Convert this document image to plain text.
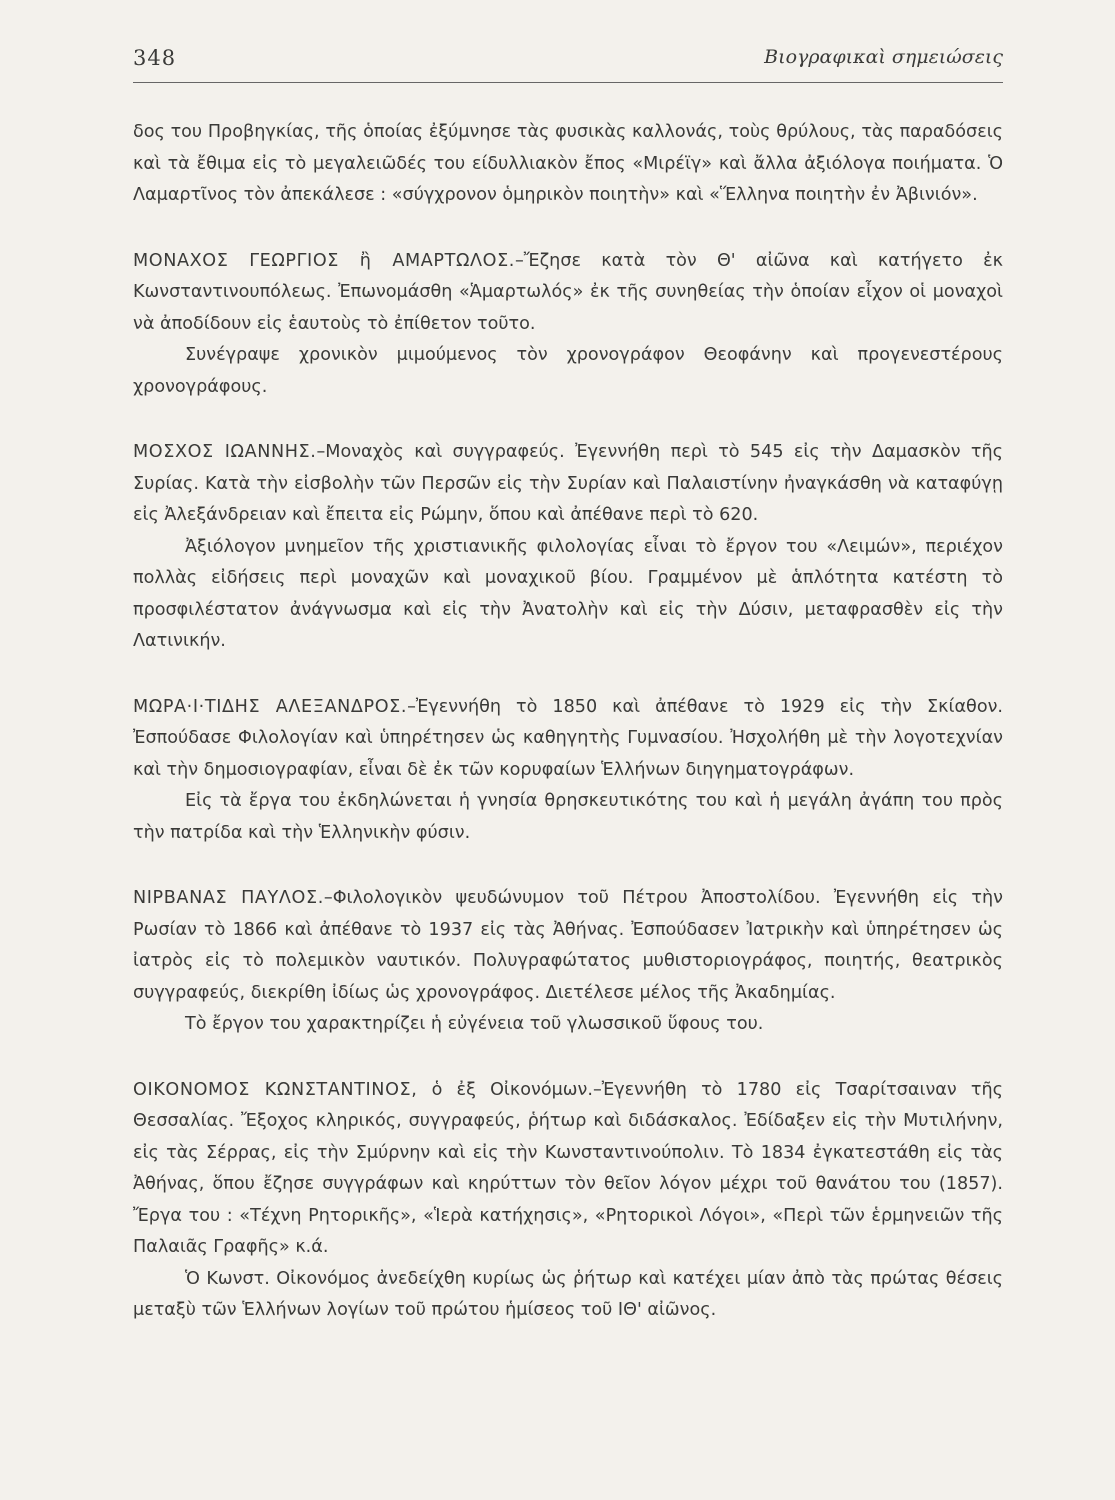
348	Βιογραφικαὶ σημειώσεις

δος του Προβηγκίας, τῆς ὁποίας ἐξύμνησε τὰς φυσικὰς καλλονάς, τοὺς θρύλους, τὰς παραδόσεις καὶ τὰ ἔθιμα εἰς τὸ μεγαλειῶδές του είδυλλιακὸν ἔπος «Μιρέϊγ» καὶ ἄλλα ἀξιόλογα ποιήματα. Ὁ Λαμαρτῖνος τὸν ἀπεκάλεσε : «σύγχρονον ὁμηρικὸν ποιητὴν» καὶ «Ἕλληνα ποιητὴν ἐν Ἀβινιόν».

ΜΟΝΑΧΟΣ ΓΕΩΡΓΙΟΣ ἢ ΑΜΑΡΤΩΛΟΣ.–Ἔζησε κατὰ τὸν Θ' αἰῶνα καὶ κατήγετο ἐκ Κωνσταντινουπόλεως. Ἐπωνομάσθη «Ἁμαρτωλός» ἐκ τῆς συνηθείας τὴν ὁποίαν εἶχον οἱ μοναχοὶ νὰ ἀποδίδουν εἰς ἑαυτοὺς τὸ ἐπίθετον τοῦτο.

Συνέγραψε χρονικὸν μιμούμενος τὸν χρονογράφον Θεοφάνην καὶ προγενεστέρους χρονογράφους.

ΜΟΣΧΟΣ ΙΩΑΝΝΗΣ.–Μοναχὸς καὶ συγγραφεύς. Ἐγεννήθη περὶ τὸ 545 εἰς τὴν Δαμασκὸν τῆς Συρίας. Κατὰ τὴν εἰσβολὴν τῶν Περσῶν εἰς τὴν Συρίαν καὶ Παλαιστίνην ἠναγκάσθη νὰ καταφύγῃ εἰς Ἀλεξάνδρειαν καὶ ἔπειτα εἰς Ρώμην, ὅπου καὶ ἀπέθανε περὶ τὸ 620.

Ἀξιόλογον μνημεῖον τῆς χριστιανικῆς φιλολογίας εἶναι τὸ ἔργον του «Λειμών», περιέχον πολλὰς εἰδήσεις περὶ μοναχῶν καὶ μοναχικοῦ βίου. Γραμμένον μὲ ἁπλότητα κατέστη τὸ προσφιλέστατον ἀνάγνωσμα καὶ εἰς τὴν Ἀνατολὴν καὶ εἰς τὴν Δύσιν, μεταφρασθὲν εἰς τὴν Λατινικήν.

ΜΩΡΑ·Ι·ΤΙΔΗΣ ΑΛΕΞΑΝΔΡΟΣ.–Ἐγεννήθη τὸ 1850 καὶ ἀπέθανε τὸ 1929 εἰς τὴν Σκίαθον. Ἐσπούδασε Φιλολογίαν καὶ ὑπηρέτησεν ὡς καθηγητὴς Γυμνασίου. Ἠσχολήθη μὲ τὴν λογοτεχνίαν καὶ τὴν δημοσιογραφίαν, εἶναι δὲ ἐκ τῶν κορυφαίων Ἑλλήνων διηγηματογράφων.

Εἰς τὰ ἔργα του ἐκδηλώνεται ἡ γνησία θρησκευτικότης του καὶ ἡ μεγάλη ἀγάπη του πρὸς τὴν πατρίδα καὶ τὴν Ἑλληνικὴν φύσιν.

ΝΙΡΒΑΝΑΣ ΠΑΥΛΟΣ.–Φιλολογικὸν ψευδώνυμον τοῦ Πέτρου Ἀποστολίδου. Ἐγεννήθη εἰς τὴν Ρωσίαν τὸ 1866 καὶ ἀπέθανε τὸ 1937 εἰς τὰς Ἀθήνας. Ἐσπούδασεν Ἰατρικὴν καὶ ὑπηρέτησεν ὡς ἰατρὸς εἰς τὸ πολεμικὸν ναυτικόν. Πολυγραφώτατος μυθιστοριογράφος, ποιητής, θεατρικὸς συγγραφεύς, διεκρίθη ἰδίως ὡς χρονογράφος. Διετέλεσε μέλος τῆς Ἀκαδημίας.

Τὸ ἔργον του χαρακτηρίζει ἡ εὐγένεια τοῦ γλωσσικοῦ ὕφους του.

ΟΙΚΟΝΟΜΟΣ ΚΩΝΣΤΑΝΤΙΝΟΣ, ὁ ἐξ Οἰκονόμων.–Ἐγεννήθη τὸ 1780 εἰς Τσαρίτσαιναν τῆς Θεσσαλίας. Ἔξοχος κληρικός, συγγραφεύς, ῥήτωρ καὶ διδάσκαλος. Ἐδίδαξεν εἰς τὴν Μυτιλήνην, εἰς τὰς Σέρρας, εἰς τὴν Σμύρνην καὶ εἰς τὴν Κωνσταντινούπολιν. Τὸ 1834 ἐγκατεστάθη εἰς τὰς Ἀθήνας, ὅπου ἔζησε συγγράφων καὶ κηρύττων τὸν θεῖον λόγον μέχρι τοῦ θανάτου του (1857). Ἔργα του : «Τέχνη Ρητορικῆς», «Ἱερὰ κατήχησις», «Ρητορικοὶ Λόγοι», «Περὶ τῶν ἑρμηνειῶν τῆς Παλαιᾶς Γραφῆς» κ.ά.

Ὁ Κωνστ. Οἰκονόμος ἀνεδείχθη κυρίως ὡς ῥήτωρ καὶ κατέχει μίαν ἀπὸ τὰς πρώτας θέσεις μεταξὺ τῶν Ἑλλήνων λογίων τοῦ πρώτου ἡμίσεος τοῦ ΙΘ' αἰῶνος.
